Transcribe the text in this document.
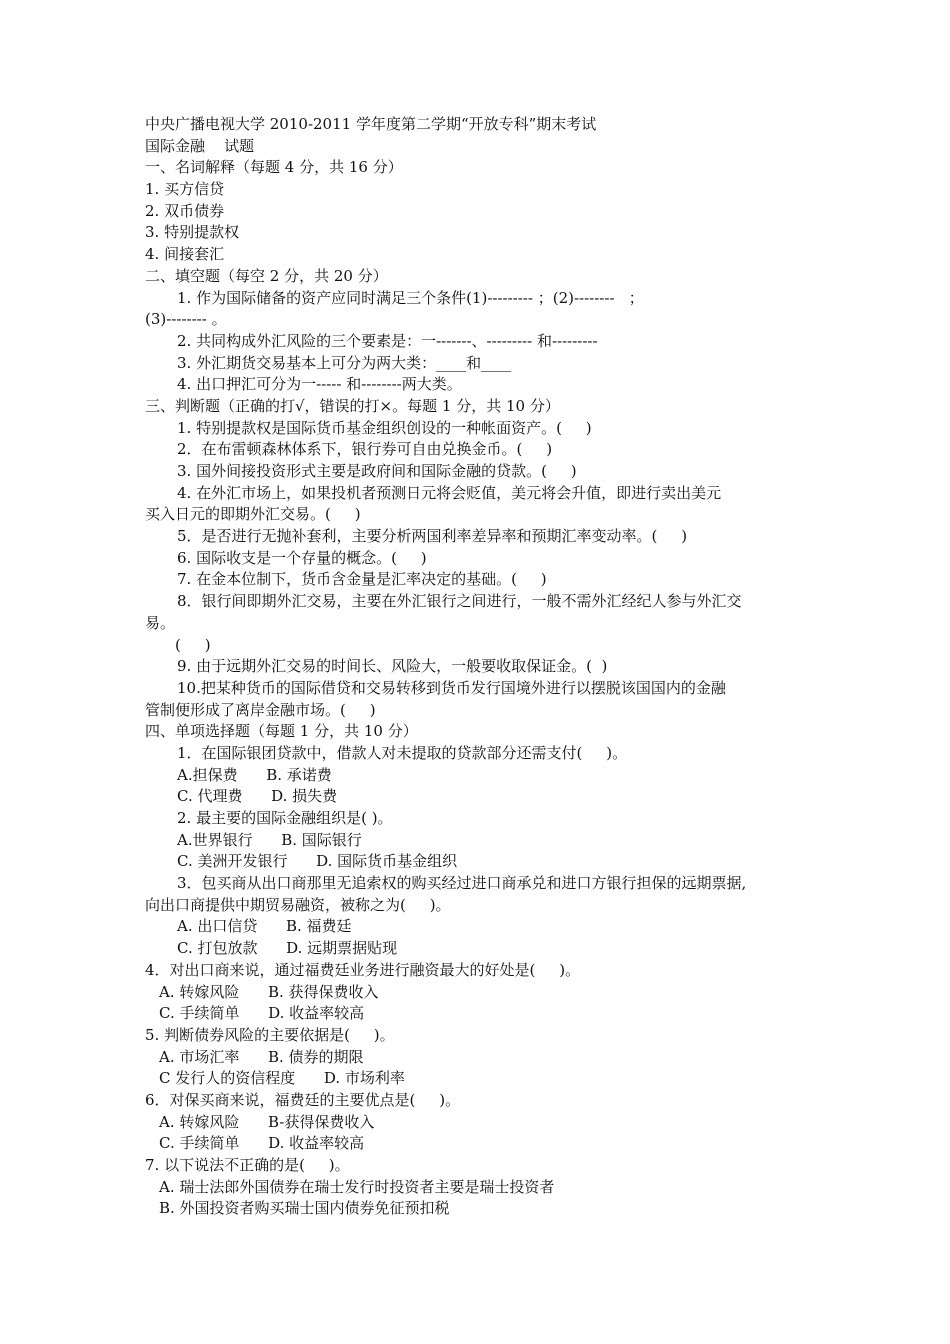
中央广播电视大学 2010-2011 学年度第二学期“开放专科”期末考试
国际金融    试题
一、名词解释（每题 4 分，共 16 分）
1. 买方信贷
2. 双币债券
3. 特别提款权
4. 间接套汇
二、填空题（每空 2 分，共 20 分）
1. 作为国际储备的资产应同时满足三个条件(1)--------- ；(2)--------   ；
(3)-------- 。
2. 共同构成外汇风险的三个要素是：一-------、--------- 和---------
3. 外汇期货交易基本上可分为两大类：____和____
4. 出口押汇可分为一----- 和--------两大类。
三、判断题（正确的打√，错误的打×。每题 1 分，共 10 分）
1. 特别提款权是国际货币基金组织创设的一种帐面资产。(     )
2．在布雷顿森林体系下，银行券可自由兑换金币。(     )
3. 国外间接投资形式主要是政府间和国际金融的贷款。(     )
4. 在外汇市场上，如果投机者预测日元将会贬值，美元将会升值，即进行卖出美元
买入日元的即期外汇交易。(     )
5．是否进行无抛补套利，主要分析两国利率差异率和预期汇率变动率。(     )
6. 国际收支是一个存量的概念。(     )
7. 在金本位制下，货币含金量是汇率决定的基础。(     )
8．银行间即期外汇交易，主要在外汇银行之间进行，一般不需外汇经纪人参与外汇交
易。
(     )
9. 由于远期外汇交易的时间长、风险大，一般要收取保证金。(  )
10.把某种货币的国际借贷和交易转移到货币发行国境外进行以摆脱该国国内的金融
管制便形成了离岸金融市场。(     )
四、单项选择题（每题 1 分，共 10 分）
1．在国际银团贷款中，借款人对未提取的贷款部分还需支付(     )。
A.担保费      B. 承诺费
C. 代理费      D. 损失费
2. 最主要的国际金融组织是( )。
A.世界银行      B. 国际银行
C. 美洲开发银行      D. 国际货币基金组织
3．包买商从出口商那里无追索权的购买经过进口商承兑和进口方银行担保的远期票据,
向出口商提供中期贸易融资，被称之为(     )。
A. 出口信贷      B. 福费廷
C. 打包放款      D. 远期票据贴现
4．对出口商来说，通过福费廷业务进行融资最大的好处是(     )。
A. 转嫁风险      B. 获得保费收入
C. 手续简单      D. 收益率较高
5. 判断债券风险的主要依据是(     )。
A. 市场汇率      B. 债券的期限
C 发行人的资信程度      D. 市场利率
6．对保买商来说，福费廷的主要优点是(     )。
A. 转嫁风险      B-获得保费收入
C. 手续简单      D. 收益率较高
7. 以下说法不正确的是(     )。
A. 瑞士法郎外国债券在瑞士发行时投资者主要是瑞士投资者
B. 外国投资者购买瑞士国内债券免征预扣税
